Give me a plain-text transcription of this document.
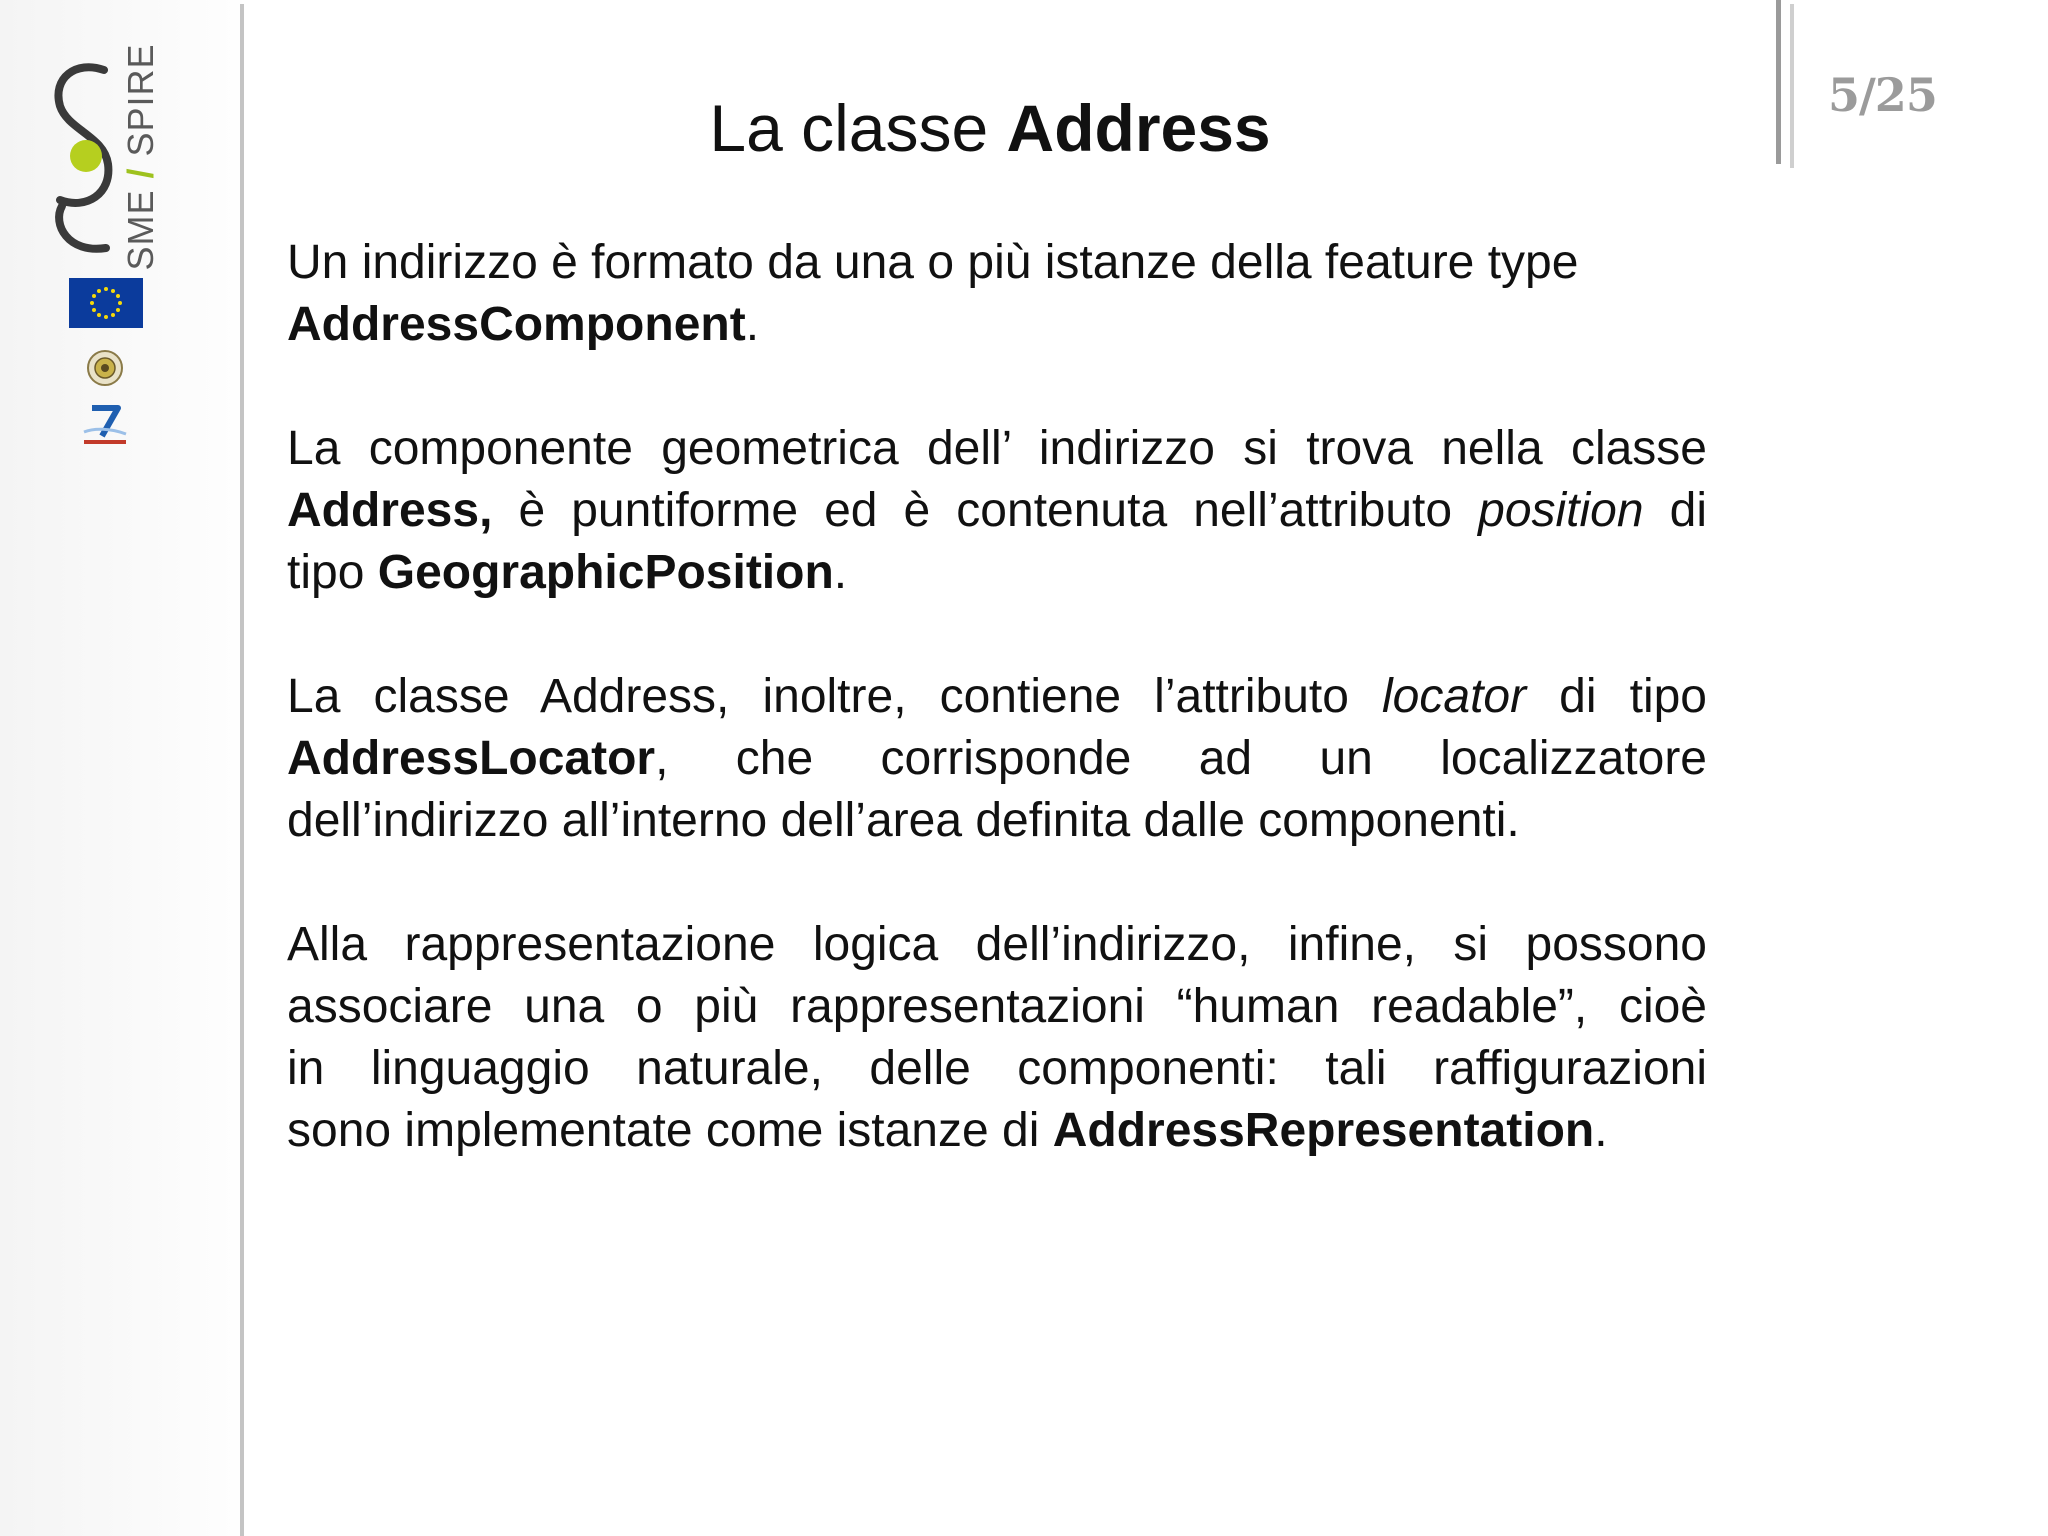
SME / SPIRE	5/25
La classe Address
Un indirizzo è formato da una o più istanze della feature type
AddressComponent.
La componente geometrica dell’ indirizzo si trova nella classe
Address, è puntiforme ed è contenuta nell’attributo position di
tipo GeographicPosition.
La classe Address, inoltre, contiene l’attributo locator di tipo
AddressLocator, che corrisponde ad un localizzatore
dell’indirizzo all’interno dell’area definita dalle componenti.
Alla rappresentazione logica dell’indirizzo, infine, si possono
associare una o più rappresentazioni “human readable”, cioè
in linguaggio naturale, delle componenti: tali raffigurazioni
sono implementate come istanze di AddressRepresentation.
